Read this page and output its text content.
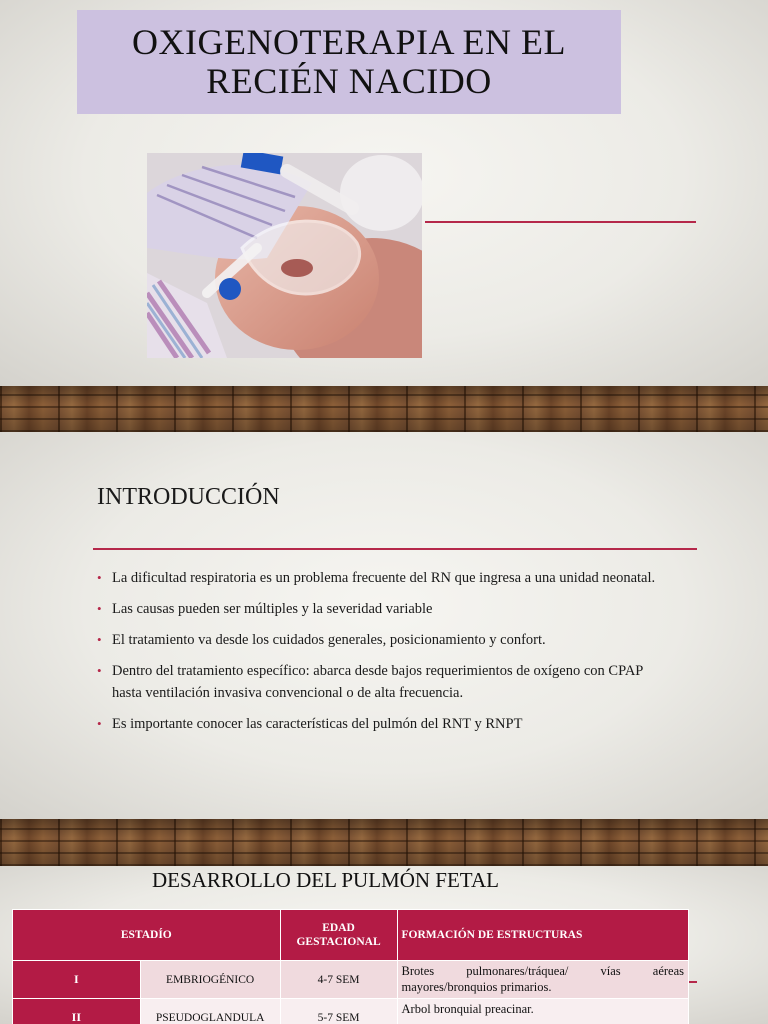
OXIGENOTERAPIA EN EL
RECIÉN NACIDO
INTRODUCCIÓN
• La dificultad respiratoria es un problema frecuente del RN que ingresa a una unidad neonatal.
• Las causas pueden ser múltiples y la severidad variable
• El tratamiento va desde los cuidados generales, posicionamiento y confort.
• Dentro del tratamiento específico: abarca desde bajos requerimientos de oxígeno con CPAP hasta ventilación invasiva convencional o de alta frecuencia.
• Es importante conocer las características del pulmón del RNT y RNPT
DESARROLLO DEL PULMÓN FETAL
ESTADÍO		EDAD GESTACIONAL	FORMACIÓN DE ESTRUCTURAS
I	EMBRIOGÉNICO	4-7 SEM	Brotes pulmonares/tráquea/ vías aéreas mayores/bronquios primarios.
II	PSEUDOGLANDULA	5-7 SEM	Arbol bronquial preacinar.
